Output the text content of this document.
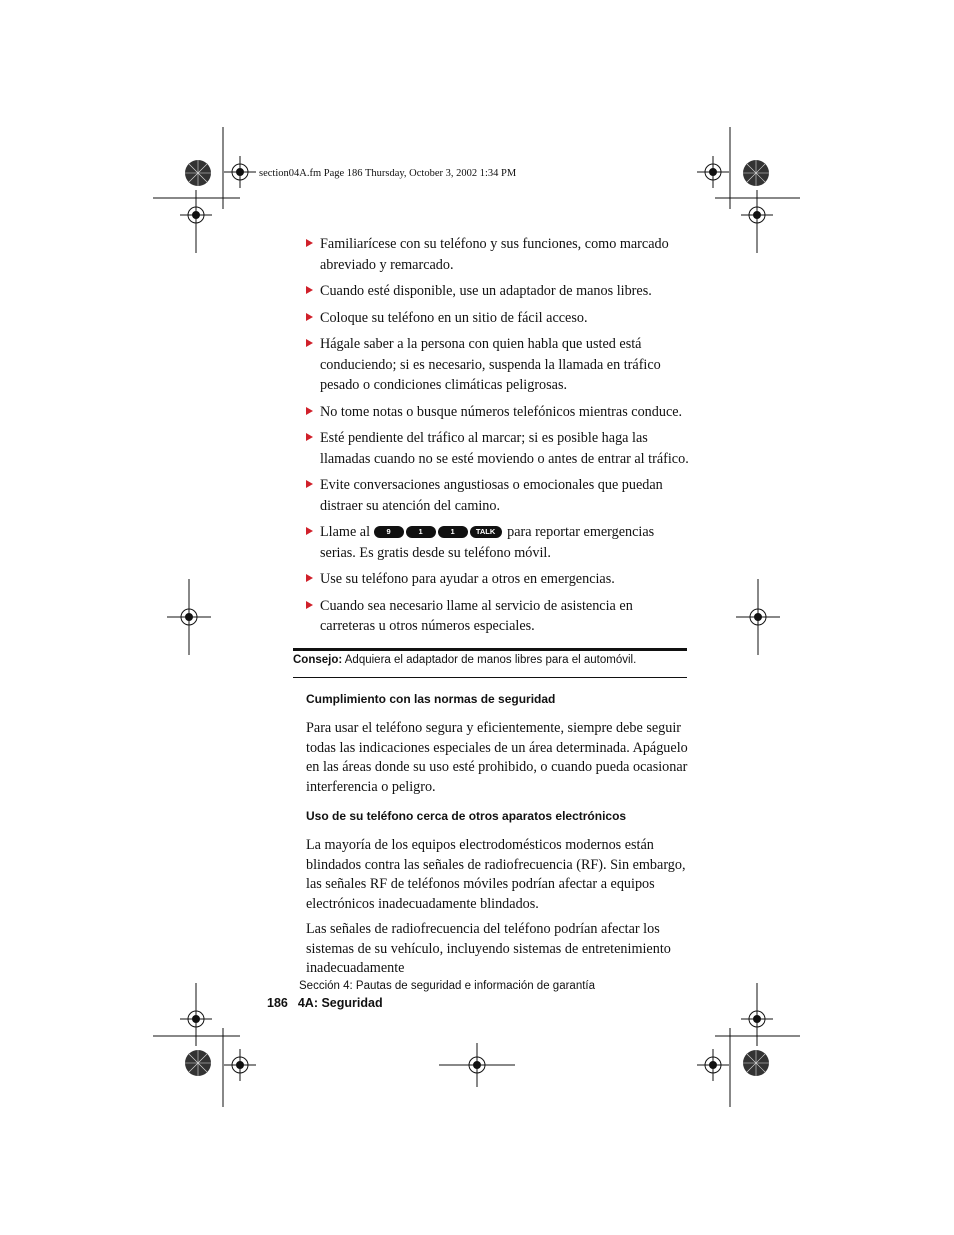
section04A.fm Page 186 Thursday, October 3, 2002 1:34 PM
Familiarícese con su teléfono y sus funciones, como marcado abreviado y remarcado.
Cuando esté disponible, use un adaptador de manos libres.
Coloque su teléfono en un sitio de fácil acceso.
Hágale saber a la persona con quien habla que usted está conduciendo; si es necesario, suspenda la llamada en tráfico pesado o condiciones climáticas peligrosas.
No tome notas o busque números telefónicos mientras conduce.
Esté pendiente del tráfico al marcar; si es posible haga las llamadas cuando no se esté moviendo o antes de entrar al tráfico.
Evite conversaciones angustiosas o emocionales que puedan distraer su atención del camino.
Llame al 9	1	1	TALK para reportar emergencias serias. Es gratis desde su teléfono móvil.
Use su teléfono para ayudar a otros en emergencias.
Cuando sea necesario llame al servicio de asistencia en carreteras u otros números especiales.
Consejo: Adquiera el adaptador de manos libres para el automóvil.
Cumplimiento con las normas de seguridad

Para usar el teléfono segura y eficientemente, siempre debe seguir todas las indicaciones especiales de un área determinada. Apáguelo en las áreas donde su uso esté prohibido, o cuando pueda ocasionar interferencia o peligro.

Uso de su teléfono cerca de otros aparatos electrónicos

La mayoría de los equipos electrodomésticos modernos están blindados contra las señales de radiofrecuencia (RF). Sin embargo, las señales RF de teléfonos móviles podrían afectar a equipos electrónicos inadecuadamente blindados.

Las señales de radiofrecuencia del teléfono podrían afectar los sistemas de su vehículo, incluyendo sistemas de entretenimiento inadecuadamente

Sección 4: Pautas de seguridad e información de garantía
186 4A: Seguridad
